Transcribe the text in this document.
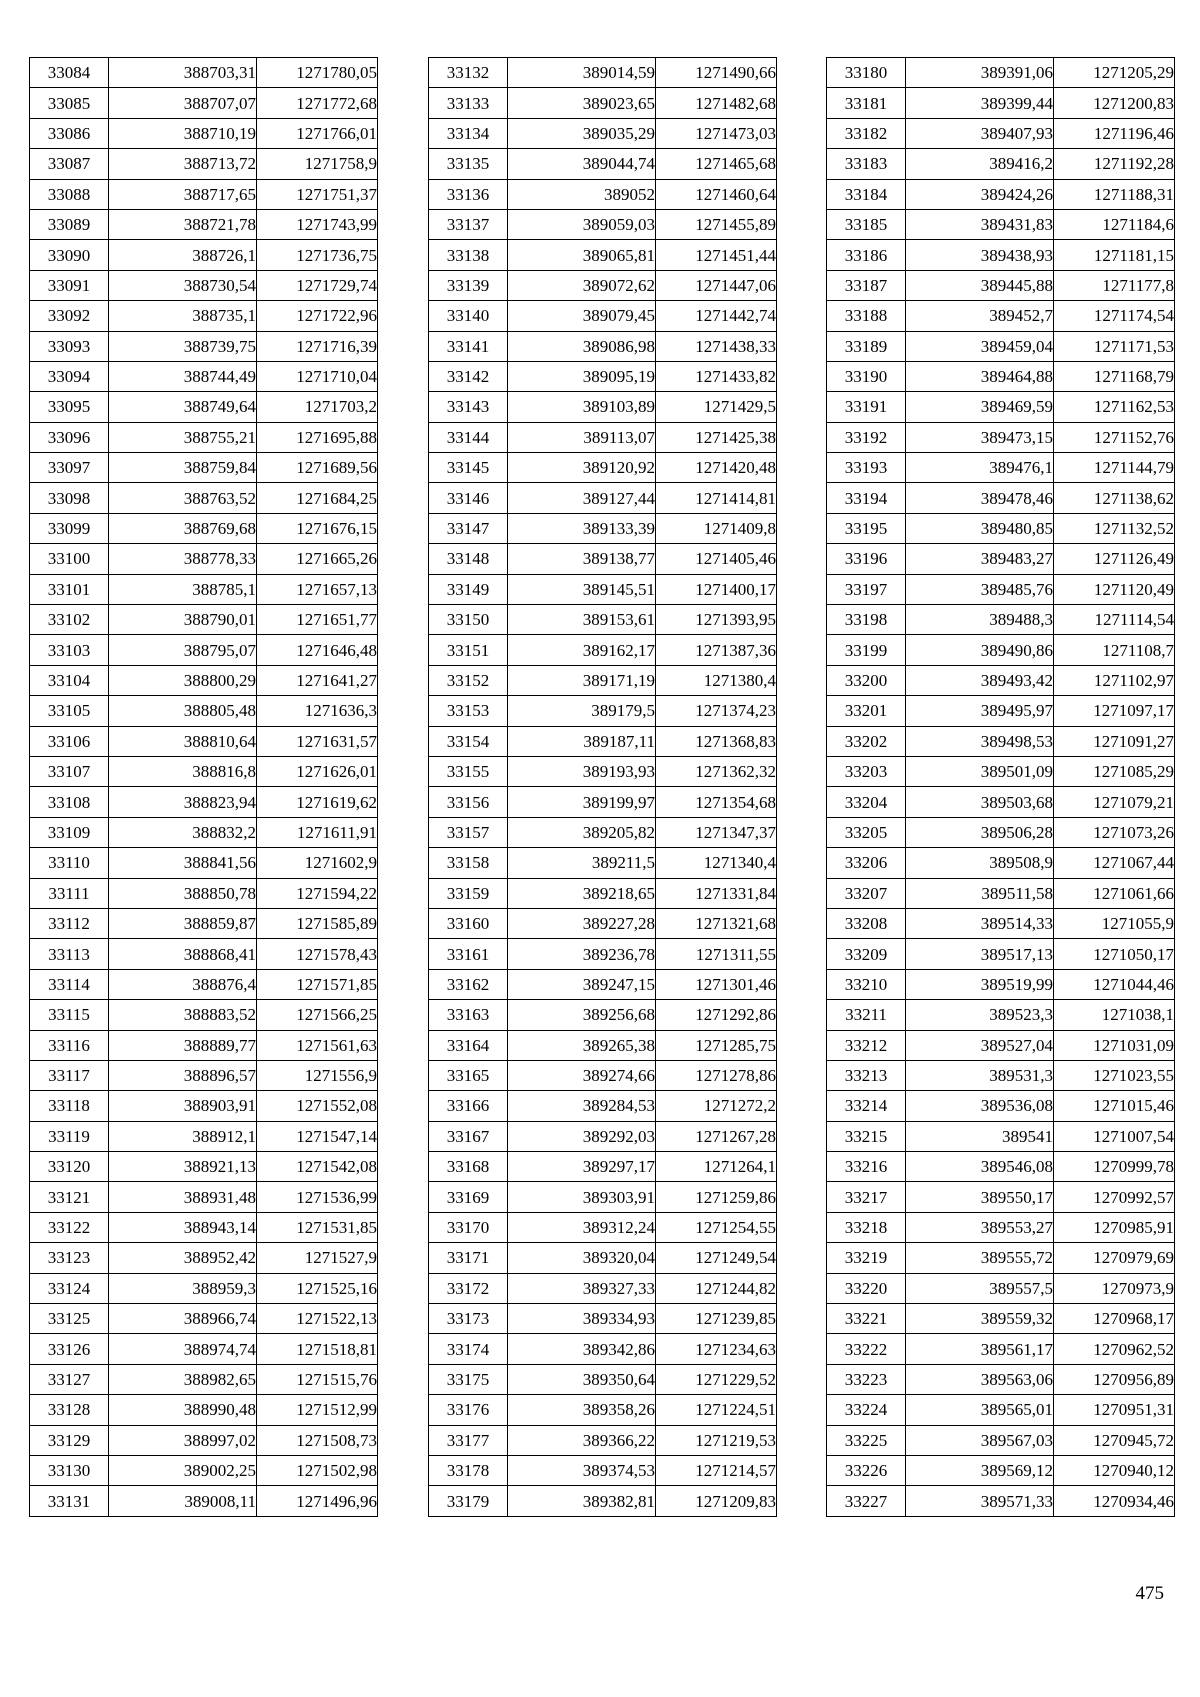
33084	388703,31	1271780,05
33085	388707,07	1271772,68
33086	388710,19	1271766,01
33087	388713,72	1271758,9
33088	388717,65	1271751,37
33089	388721,78	1271743,99
33090	388726,1	1271736,75
33091	388730,54	1271729,74
33092	388735,1	1271722,96
33093	388739,75	1271716,39
33094	388744,49	1271710,04
33095	388749,64	1271703,2
33096	388755,21	1271695,88
33097	388759,84	1271689,56
33098	388763,52	1271684,25
33099	388769,68	1271676,15
33100	388778,33	1271665,26
33101	388785,1	1271657,13
33102	388790,01	1271651,77
33103	388795,07	1271646,48
33104	388800,29	1271641,27
33105	388805,48	1271636,3
33106	388810,64	1271631,57
33107	388816,8	1271626,01
33108	388823,94	1271619,62
33109	388832,2	1271611,91
33110	388841,56	1271602,9
33111	388850,78	1271594,22
33112	388859,87	1271585,89
33113	388868,41	1271578,43
33114	388876,4	1271571,85
33115	388883,52	1271566,25
33116	388889,77	1271561,63
33117	388896,57	1271556,9
33118	388903,91	1271552,08
33119	388912,1	1271547,14
33120	388921,13	1271542,08
33121	388931,48	1271536,99
33122	388943,14	1271531,85
33123	388952,42	1271527,9
33124	388959,3	1271525,16
33125	388966,74	1271522,13
33126	388974,74	1271518,81
33127	388982,65	1271515,76
33128	388990,48	1271512,99
33129	388997,02	1271508,73
33130	389002,25	1271502,98
33131	389008,11	1271496,96
33132	389014,59	1271490,66
33133	389023,65	1271482,68
33134	389035,29	1271473,03
33135	389044,74	1271465,68
33136	389052	1271460,64
33137	389059,03	1271455,89
33138	389065,81	1271451,44
33139	389072,62	1271447,06
33140	389079,45	1271442,74
33141	389086,98	1271438,33
33142	389095,19	1271433,82
33143	389103,89	1271429,5
33144	389113,07	1271425,38
33145	389120,92	1271420,48
33146	389127,44	1271414,81
33147	389133,39	1271409,8
33148	389138,77	1271405,46
33149	389145,51	1271400,17
33150	389153,61	1271393,95
33151	389162,17	1271387,36
33152	389171,19	1271380,4
33153	389179,5	1271374,23
33154	389187,11	1271368,83
33155	389193,93	1271362,32
33156	389199,97	1271354,68
33157	389205,82	1271347,37
33158	389211,5	1271340,4
33159	389218,65	1271331,84
33160	389227,28	1271321,68
33161	389236,78	1271311,55
33162	389247,15	1271301,46
33163	389256,68	1271292,86
33164	389265,38	1271285,75
33165	389274,66	1271278,86
33166	389284,53	1271272,2
33167	389292,03	1271267,28
33168	389297,17	1271264,1
33169	389303,91	1271259,86
33170	389312,24	1271254,55
33171	389320,04	1271249,54
33172	389327,33	1271244,82
33173	389334,93	1271239,85
33174	389342,86	1271234,63
33175	389350,64	1271229,52
33176	389358,26	1271224,51
33177	389366,22	1271219,53
33178	389374,53	1271214,57
33179	389382,81	1271209,83
33180	389391,06	1271205,29
33181	389399,44	1271200,83
33182	389407,93	1271196,46
33183	389416,2	1271192,28
33184	389424,26	1271188,31
33185	389431,83	1271184,6
33186	389438,93	1271181,15
33187	389445,88	1271177,8
33188	389452,7	1271174,54
33189	389459,04	1271171,53
33190	389464,88	1271168,79
33191	389469,59	1271162,53
33192	389473,15	1271152,76
33193	389476,1	1271144,79
33194	389478,46	1271138,62
33195	389480,85	1271132,52
33196	389483,27	1271126,49
33197	389485,76	1271120,49
33198	389488,3	1271114,54
33199	389490,86	1271108,7
33200	389493,42	1271102,97
33201	389495,97	1271097,17
33202	389498,53	1271091,27
33203	389501,09	1271085,29
33204	389503,68	1271079,21
33205	389506,28	1271073,26
33206	389508,9	1271067,44
33207	389511,58	1271061,66
33208	389514,33	1271055,9
33209	389517,13	1271050,17
33210	389519,99	1271044,46
33211	389523,3	1271038,1
33212	389527,04	1271031,09
33213	389531,3	1271023,55
33214	389536,08	1271015,46
33215	389541	1271007,54
33216	389546,08	1270999,78
33217	389550,17	1270992,57
33218	389553,27	1270985,91
33219	389555,72	1270979,69
33220	389557,5	1270973,9
33221	389559,32	1270968,17
33222	389561,17	1270962,52
33223	389563,06	1270956,89
33224	389565,01	1270951,31
33225	389567,03	1270945,72
33226	389569,12	1270940,12
33227	389571,33	1270934,46
475
